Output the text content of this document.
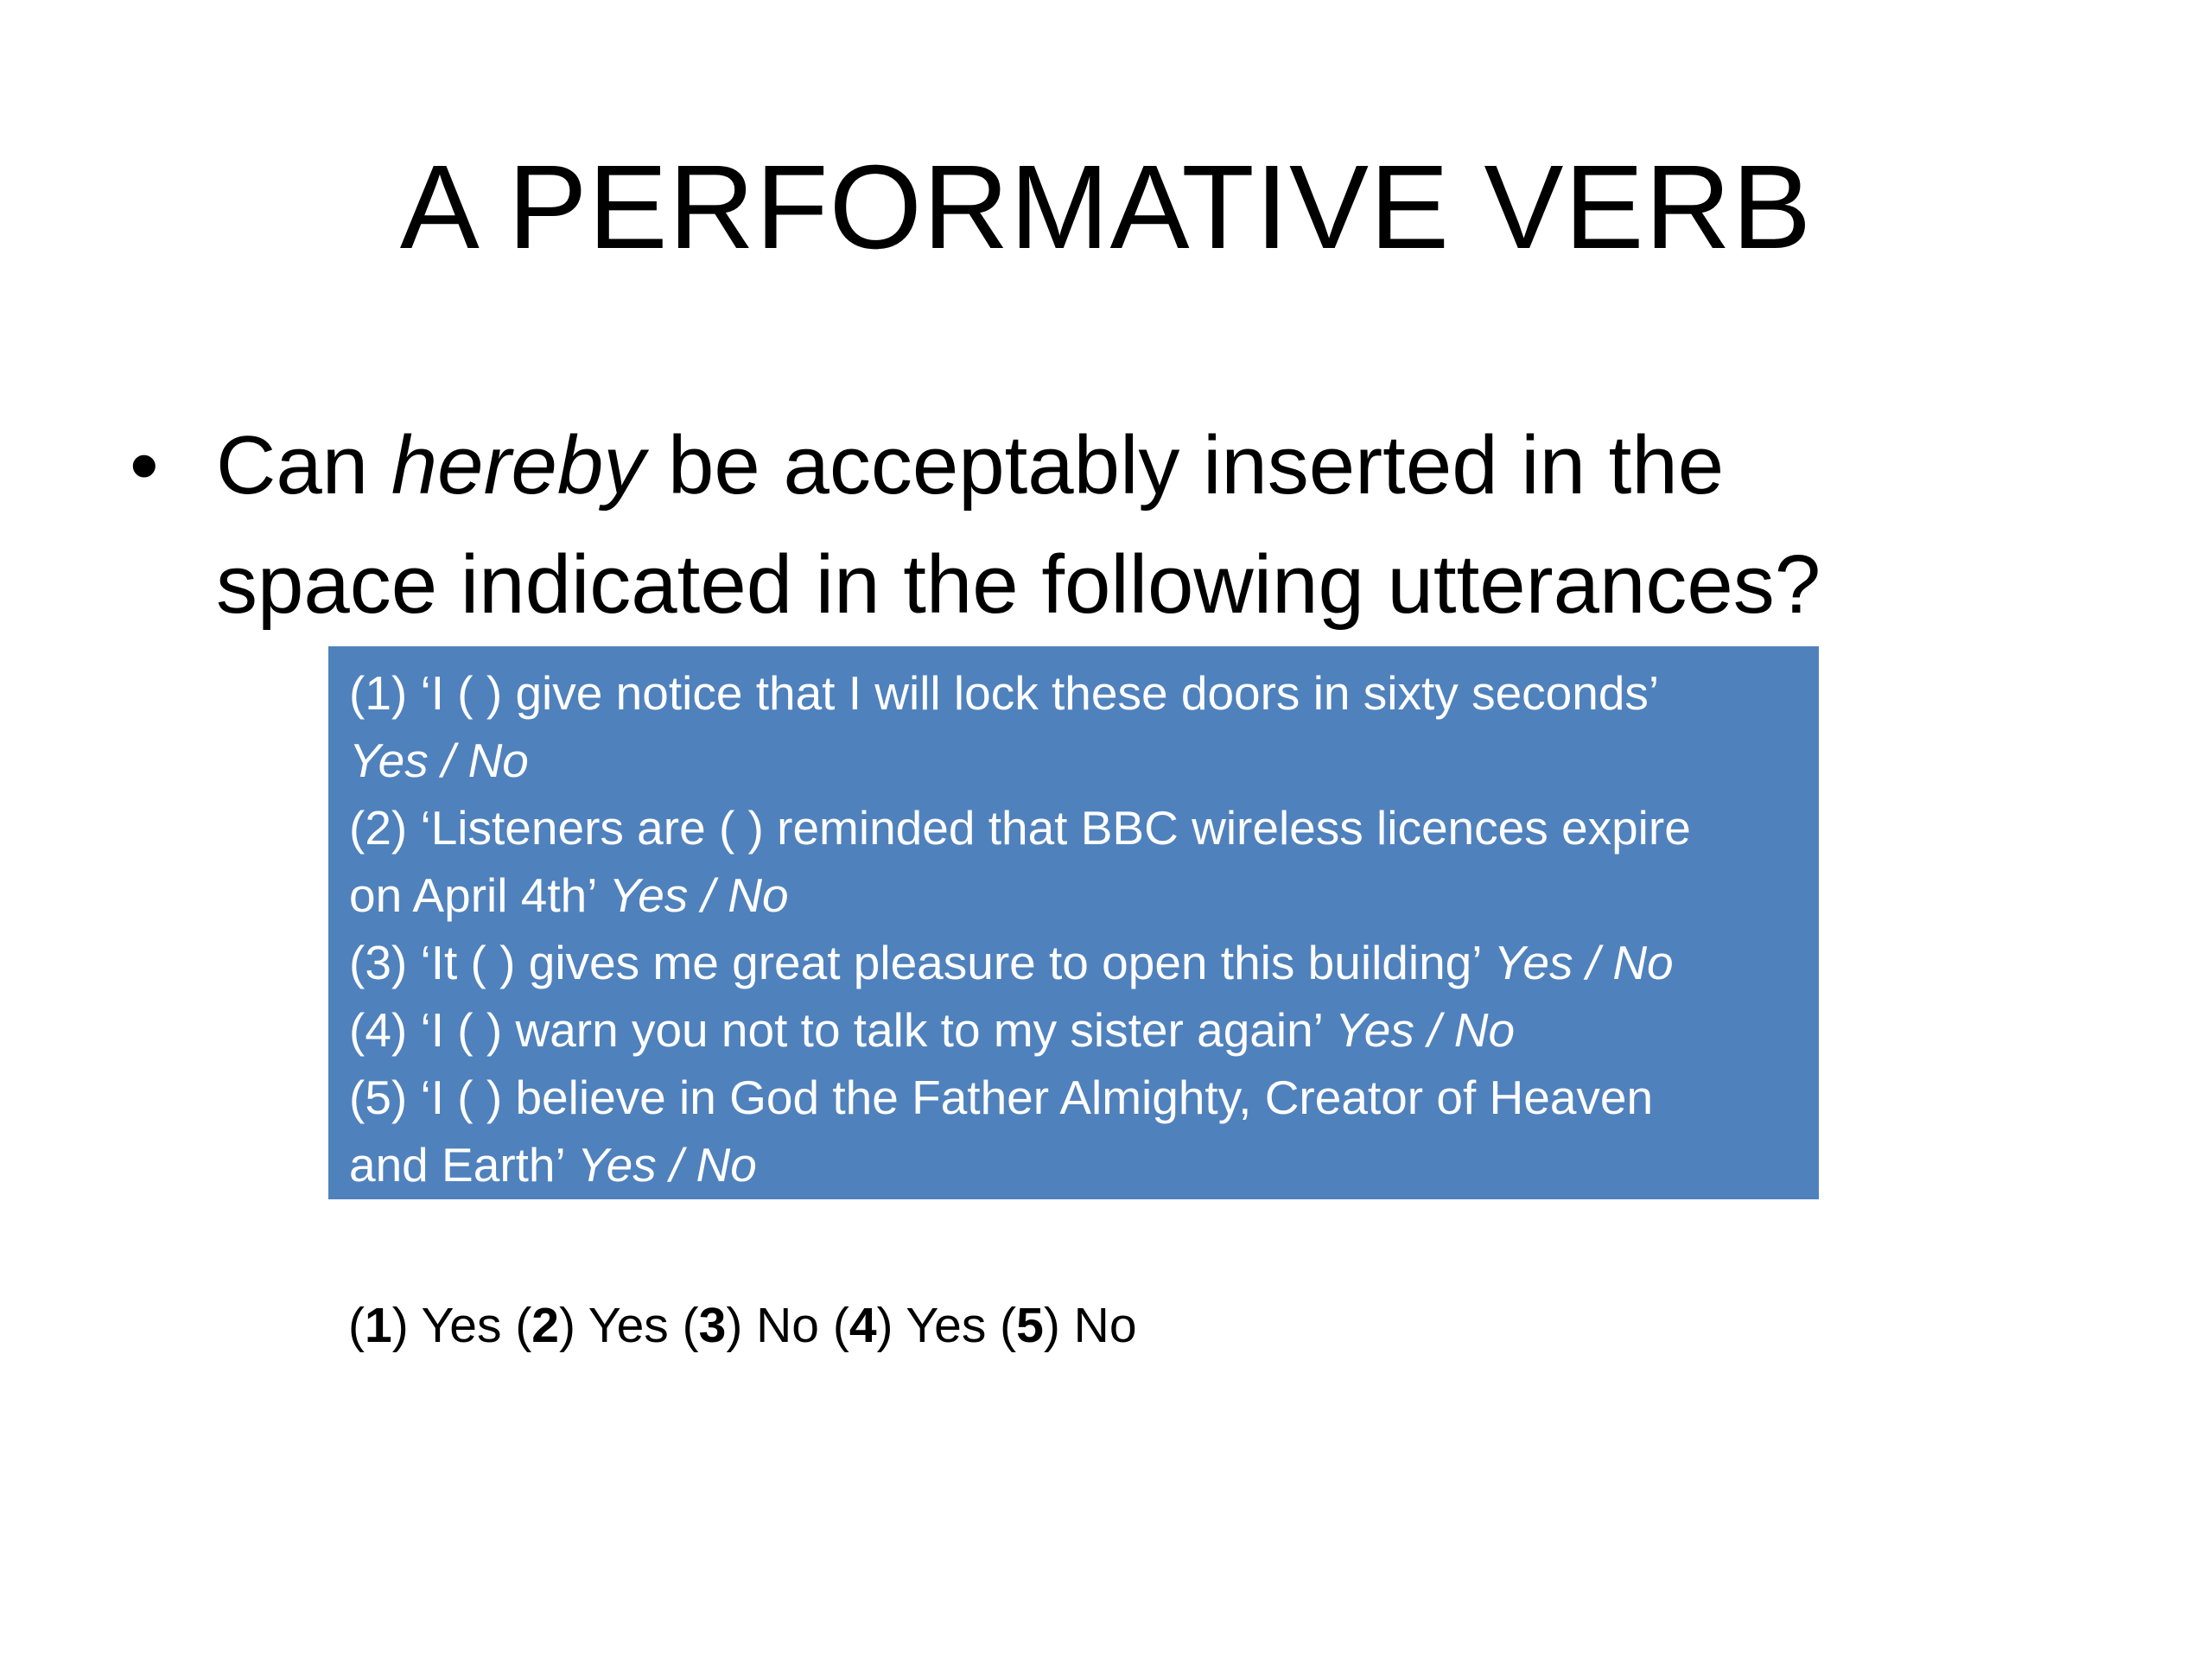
A PERFORMATIVE VERB
• Can hereby be acceptably inserted in the
space indicated in the following utterances?
(1) ‘I ( ) give notice that I will lock these doors in sixty seconds’
Yes / No
(2) ‘Listeners are ( ) reminded that BBC wireless licences expire
on April 4th’ Yes / No
(3) ‘It ( ) gives me great pleasure to open this building’ Yes / No
(4) ‘I ( ) warn you not to talk to my sister again’ Yes / No
(5) ‘I ( ) believe in God the Father Almighty, Creator of Heaven
and Earth’ Yes / No
(1) Yes (2) Yes (3) No (4) Yes (5) No
